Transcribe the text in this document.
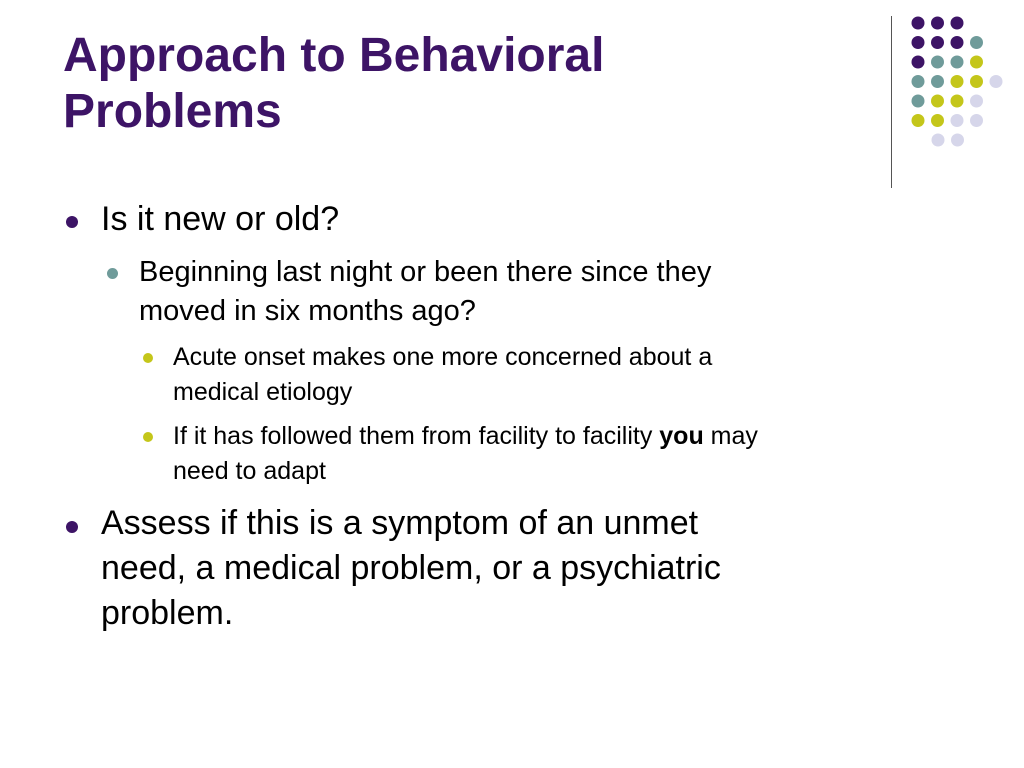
Approach to Behavioral
Problems
Is it new or old?
Beginning last night or been there since they
moved in six months ago?
Acute onset makes one more concerned about a
medical etiology
If it has followed them from facility to facility you may
need to adapt
Assess if this is a symptom of an unmet
need, a medical problem, or a psychiatric
problem.
